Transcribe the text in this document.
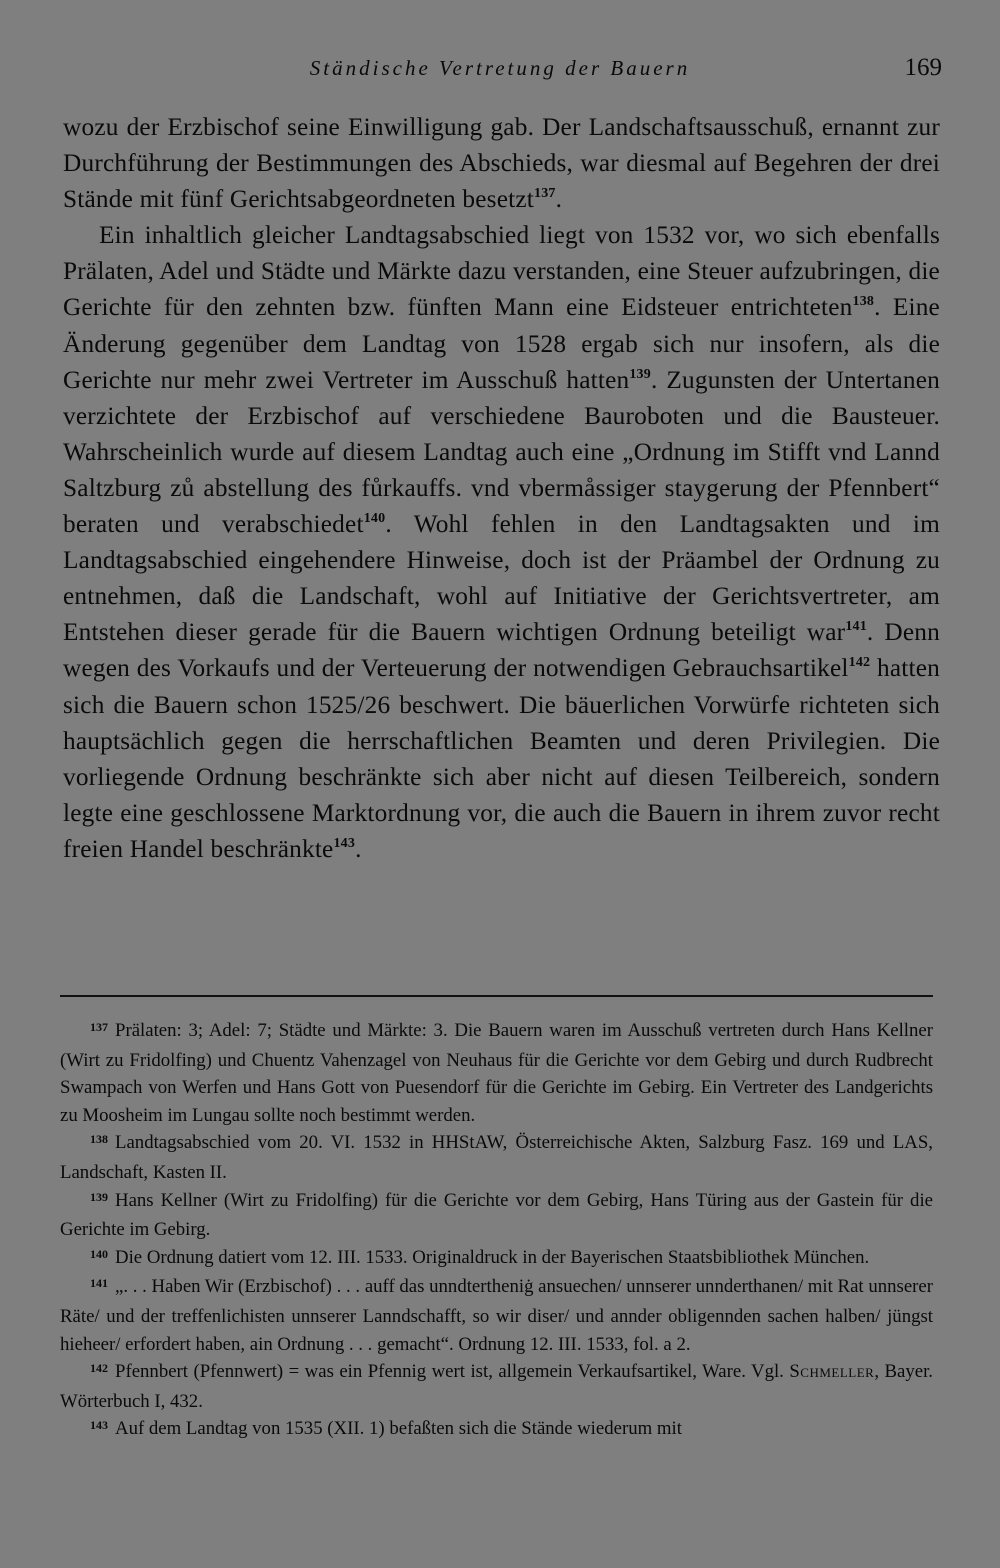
Ständische Vertretung der Bauern	169

wozu der Erzbischof seine Einwilligung gab. Der Landschaftsausschuß, ernannt zur Durchführung der Bestimmungen des Abschieds, war diesmal auf Begehren der drei Stände mit fünf Gerichtsabgeordneten besetzt$^{137}$.

Ein inhaltlich gleicher Landtagsabschied liegt von 1532 vor, wo sich ebenfalls Prälaten, Adel und Städte und Märkte dazu verstanden, eine Steuer aufzubringen, die Gerichte für den zehnten bzw. fünften Mann eine Eidsteuer entrichteten$^{138}$. Eine Änderung gegenüber dem Landtag von 1528 ergab sich nur insofern, als die Gerichte nur mehr zwei Vertreter im Ausschuß hatten$^{139}$. Zugunsten der Untertanen verzichtete der Erzbischof auf verschiedene Bauroboten und die Bausteuer. Wahrscheinlich wurde auf diesem Landtag auch eine „Ordnung im Stifft vnd Lannd Saltzburg zů abstellung des fůrkauffs. vnd vbermåssiger staygerung der Pfennbert“ beraten und verabschiedet$^{140}$. Wohl fehlen in den Landtagsakten und im Landtagsabschied eingehendere Hinweise, doch ist der Präambel der Ordnung zu entnehmen, daß die Landschaft, wohl auf Initiative der Gerichtsvertreter, am Entstehen dieser gerade für die Bauern wichtigen Ordnung beteiligt war$^{141}$. Denn wegen des Vorkaufs und der Verteuerung der notwendigen Gebrauchsartikel$^{142}$ hatten sich die Bauern schon 1525/26 beschwert. Die bäuerlichen Vorwürfe richteten sich hauptsächlich gegen die herrschaftlichen Beamten und deren Privilegien. Die vorliegende Ordnung beschränkte sich aber nicht auf diesen Teilbereich, sondern legte eine geschlossene Marktordnung vor, die auch die Bauern in ihrem zuvor recht freien Handel beschränkte$^{143}$.

$^{137}$ Prälaten: 3; Adel: 7; Städte und Märkte: 3. Die Bauern waren im Ausschuß vertreten durch Hans Kellner (Wirt zu Fridolfing) und Chuentz Vahenzagel von Neuhaus für die Gerichte vor dem Gebirg und durch Rudbrecht Swampach von Werfen und Hans Gott von Puesendorf für die Gerichte im Gebirg. Ein Vertreter des Landgerichts zu Moosheim im Lungau sollte noch bestimmt werden.

$^{138}$ Landtagsabschied vom 20. VI. 1532 in HHStAW, Österreichische Akten, Salzburg Fasz. 169 und LAS, Landschaft, Kasten II.

$^{139}$ Hans Kellner (Wirt zu Fridolfing) für die Gerichte vor dem Gebirg, Hans Türing aus der Gastein für die Gerichte im Gebirg.

$^{140}$ Die Ordnung datiert vom 12. III. 1533. Originaldruck in der Bayerischen Staatsbibliothek München.

$^{141}$ „. . . Haben Wir (Erzbischof) . . . auff das unndtertheniġ ansuechen/ unnserer unnderthanen/ mit Rat unnserer Räte/ und der treffenlichisten unnserer Lanndschafft, so wir diser/ und annder obligennden sachen halben/ jüngst hieheer/ erfordert haben, ain Ordnung . . . gemacht“. Ordnung 12. III. 1533, fol. a 2.

$^{142}$ Pfennbert (Pfennwert) = was ein Pfennig wert ist, allgemein Verkaufsartikel, Ware. Vgl. Schmeller, Bayer. Wörterbuch I, 432.

$^{143}$ Auf dem Landtag von 1535 (XII. 1) befaßten sich die Stände wiederum mit
